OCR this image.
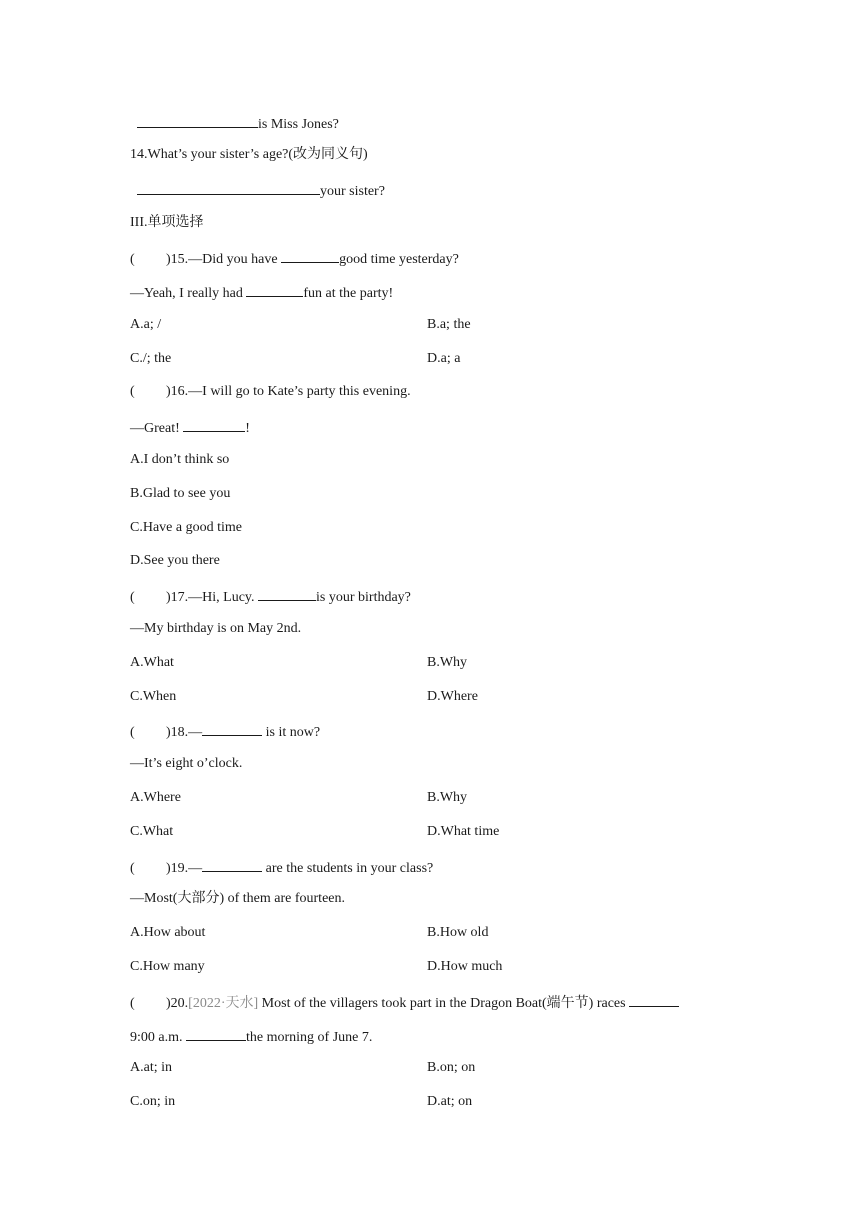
is Miss Jones?
14.What’s your sister’s age?(改为同义句)
your sister?
III.单项选择
( )15.—Did you have	good time yesterday?
—Yeah, I really had	fun at the party!
A.a; /	B.a; the
C./; the	D.a; a
( )16.—I will go to Kate’s party this evening.
—Great!	!
A.I don’t think so
B.Glad to see you
C.Have a good time
D.See you there
( )17.—Hi, Lucy.	is your birthday?
—My birthday is on May 2nd.
A.What	B.Why
C.When	D.Where
( )18.—	is it now?
—It’s eight o’clock.
A.Where	B.Why
C.What	D.What time
( )19.—	are the students in your class?
—Most(大部分) of them are fourteen.
A.How about	B.How old
C.How many	D.How much
( )20.[2022·天水] Most of the villagers took part in the Dragon Boat(端午节) races
9:00 a.m.	the morning of June 7.
A.at; in	B.on; on
C.on; in	D.at; on
